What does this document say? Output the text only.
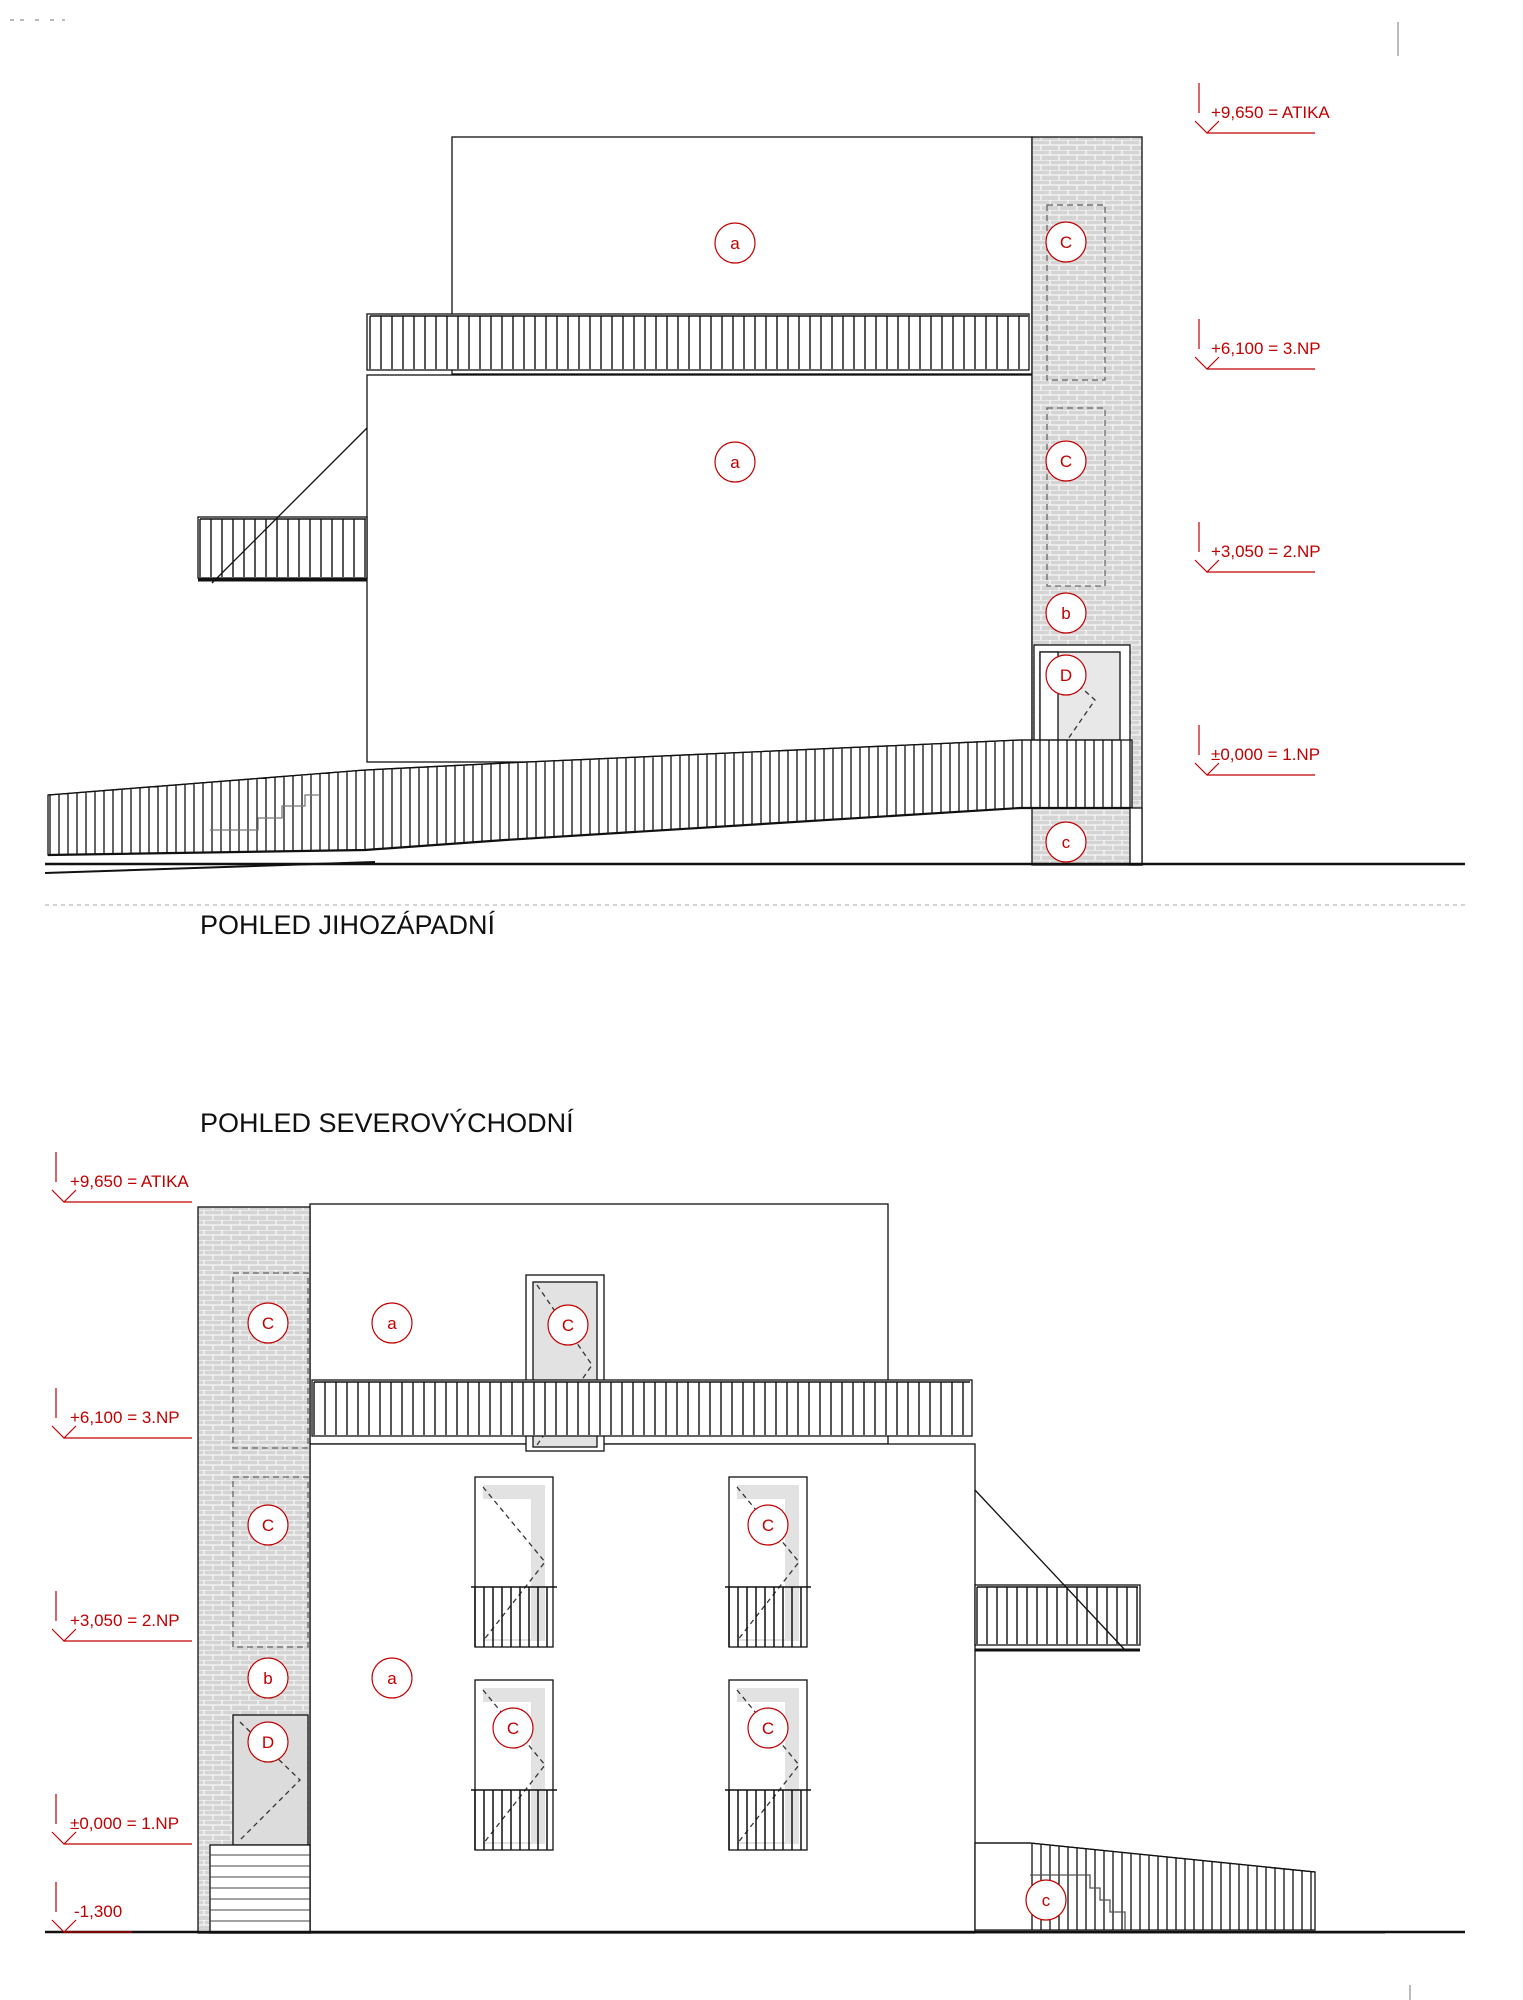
+9,650 = ATIKA
+6,100 = 3.NP
+3,050 = 2.NP
±0,000 = 1.NP
a
a
C
C
b
D
c
POHLED JIHOZÁPADNÍ
POHLED SEVEROVÝCHODNÍ
+9,650 = ATIKA
+6,100 = 3.NP
+3,050 = 2.NP
±0,000 = 1.NP
-1,300
C	a	C
C	C
a
b
D
C	C
c
